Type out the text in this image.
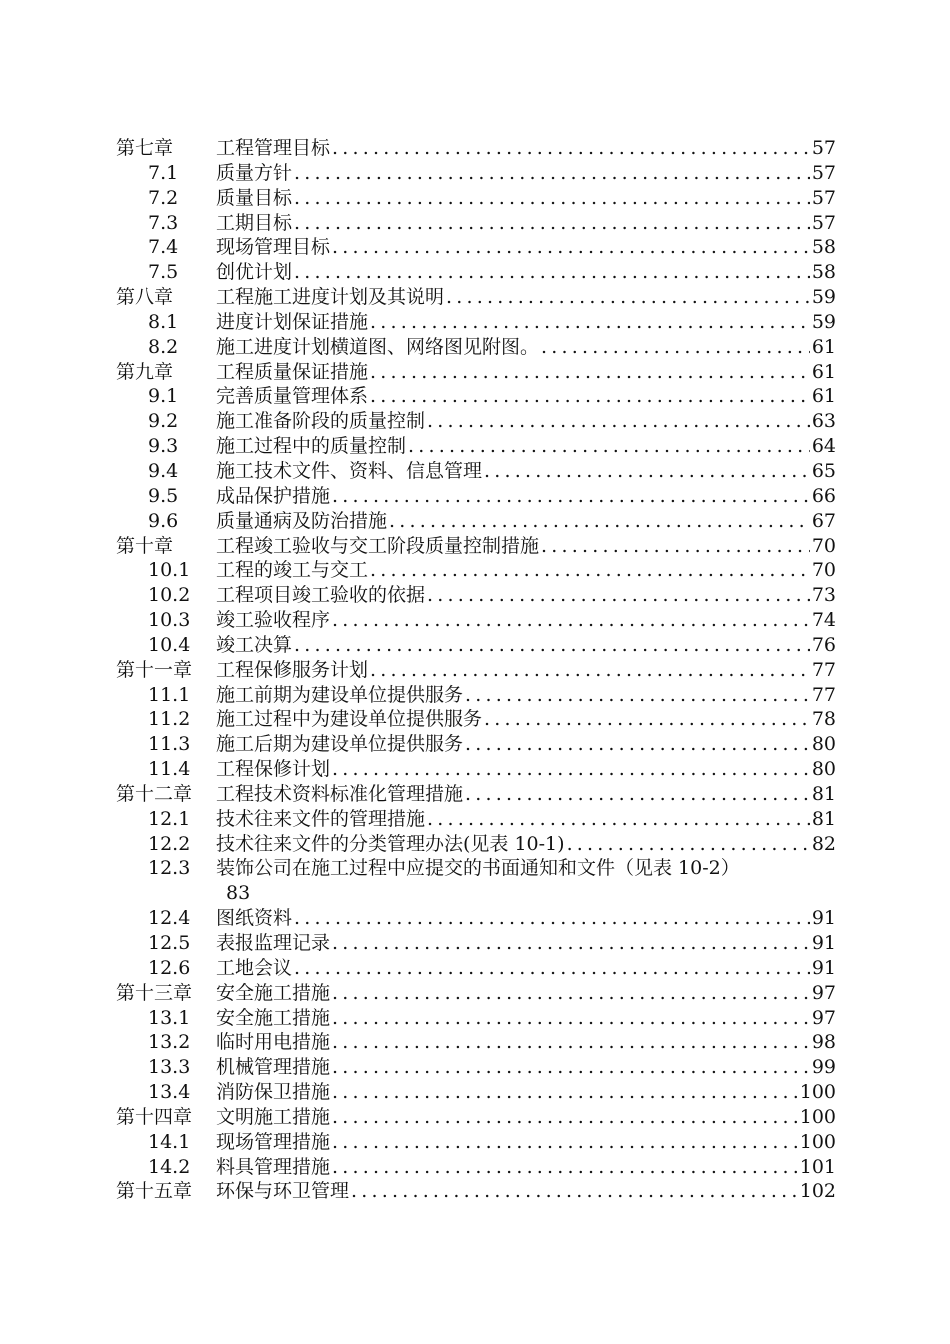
第七章 工程管理目标 .....	57
7.1 质量方针 .....	57
7.2 质量目标 .....	57
7.3 工期目标 .....	57
7.4 现场管理目标 .....	58
7.5 创优计划 .....	58
第八章 工程施工进度计划及其说明 .....	59
8.1 进度计划保证措施 .....	59
8.2 施工进度计划横道图、网络图见附图。 .....	61
第九章 工程质量保证措施 .....	61
9.1 完善质量管理体系 .....	61
9.2 施工准备阶段的质量控制 .....	63
9.3 施工过程中的质量控制 .....	64
9.4 施工技术文件、资料、信息管理 .....	65
9.5 成品保护措施 .....	66
9.6 质量通病及防治措施 .....	67
第十章 工程竣工验收与交工阶段质量控制措施 .....	70
10.1 工程的竣工与交工 .....	70
10.2 工程项目竣工验收的依据 .....	73
10.3 竣工验收程序 .....	74
10.4 竣工决算 .....	76
第十一章 工程保修服务计划 .....	77
11.1 施工前期为建设单位提供服务 .....	77
11.2 施工过程中为建设单位提供服务 .....	78
11.3 施工后期为建设单位提供服务 .....	80
11.4 工程保修计划 .....	80
第十二章 工程技术资料标准化管理措施 .....	81
12.1 技术往来文件的管理措施 .....	81
12.2 技术往来文件的分类管理办法(见表 10-1) .....	82
12.3 装饰公司在施工过程中应提交的书面通知和文件（见表 10-2）
83
12.4 图纸资料 .....	91
12.5 表报监理记录 .....	91
12.6 工地会议 .....	91
第十三章 安全施工措施 .....	97
13.1 安全施工措施 .....	97
13.2 临时用电措施 .....	98
13.3 机械管理措施 .....	99
13.4 消防保卫措施 .....	100
第十四章 文明施工措施 .....	100
14.1 现场管理措施 .....	100
14.2 料具管理措施 .....	101
第十五章 环保与环卫管理 .....	102
